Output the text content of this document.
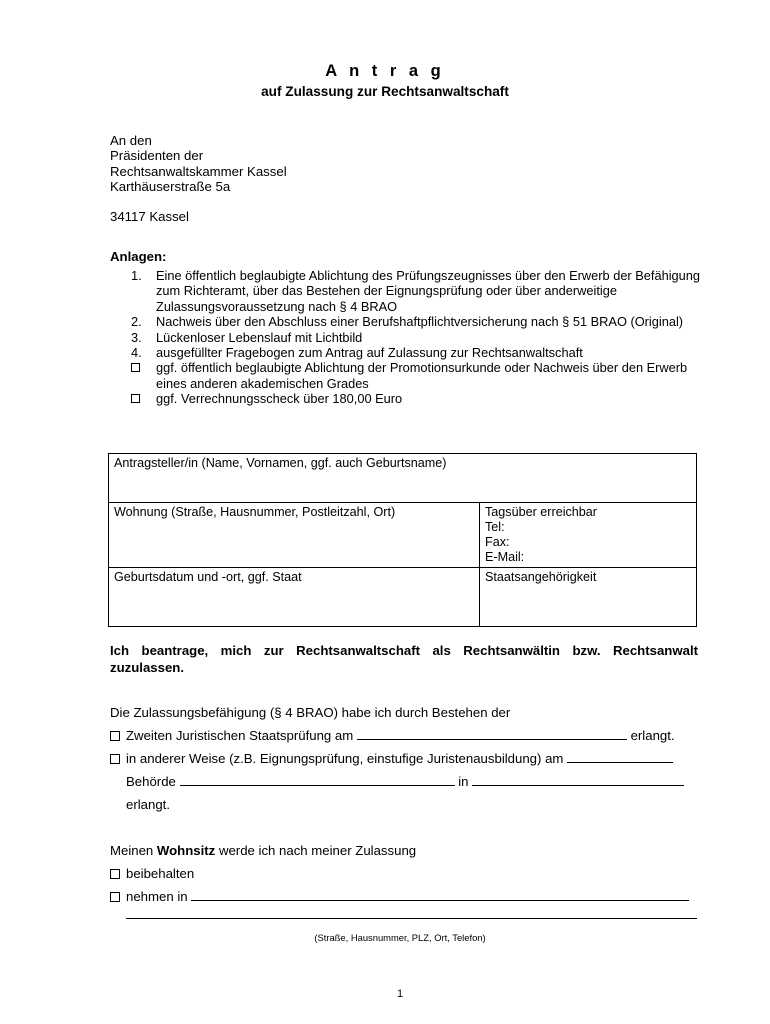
A n t r a g
auf Zulassung zur Rechtsanwaltschaft
An den
Präsidenten der
Rechtsanwaltskammer Kassel
Karthäuserstraße 5a
34117 Kassel
Anlagen:
1.	Eine öffentlich beglaubigte Ablichtung des Prüfungszeugnisses über den Erwerb der Befähigung zum Richteramt, über das Bestehen der Eignungsprüfung oder über anderweitige Zulassungsvoraussetzung nach § 4 BRAO
2.	Nachweis über den Abschluss einer Berufshaftpflichtversicherung nach § 51 BRAO (Original)
3.	Lückenloser Lebenslauf mit Lichtbild
4.	ausgefüllter Fragebogen zum Antrag auf Zulassung zur Rechtsanwaltschaft
ggf. öffentlich beglaubigte Ablichtung der Promotionsurkunde oder Nachweis über den Erwerb eines anderen akademischen Grades
ggf. Verrechnungsscheck über 180,00 Euro
Antragsteller/in (Name, Vornamen, ggf. auch Geburtsname)	
Wohnung (Straße, Hausnummer, Postleitzahl, Ort)	Tagsüber erreichbar
Tel:
Fax:
E-Mail:

Geburtsdatum und -ort, ggf. Staat	Staatsangehörigkeit
Ich beantrage, mich zur Rechtsanwaltschaft als Rechtsanwältin bzw. Rechtsanwalt
zuzulassen.
Die Zulassungsbefähigung (§ 4 BRAO) habe ich durch Bestehen der
Zweiten Juristischen Staatsprüfung am	erlangt.
in anderer Weise (z.B. Eignungsprüfung, einstufige Juristenausbildung) am
Behörde	in
erlangt.
Meinen Wohnsitz werde ich nach meiner Zulassung
beibehalten
nehmen in
(Straße, Hausnummer, PLZ, Ort, Telefon)
1
